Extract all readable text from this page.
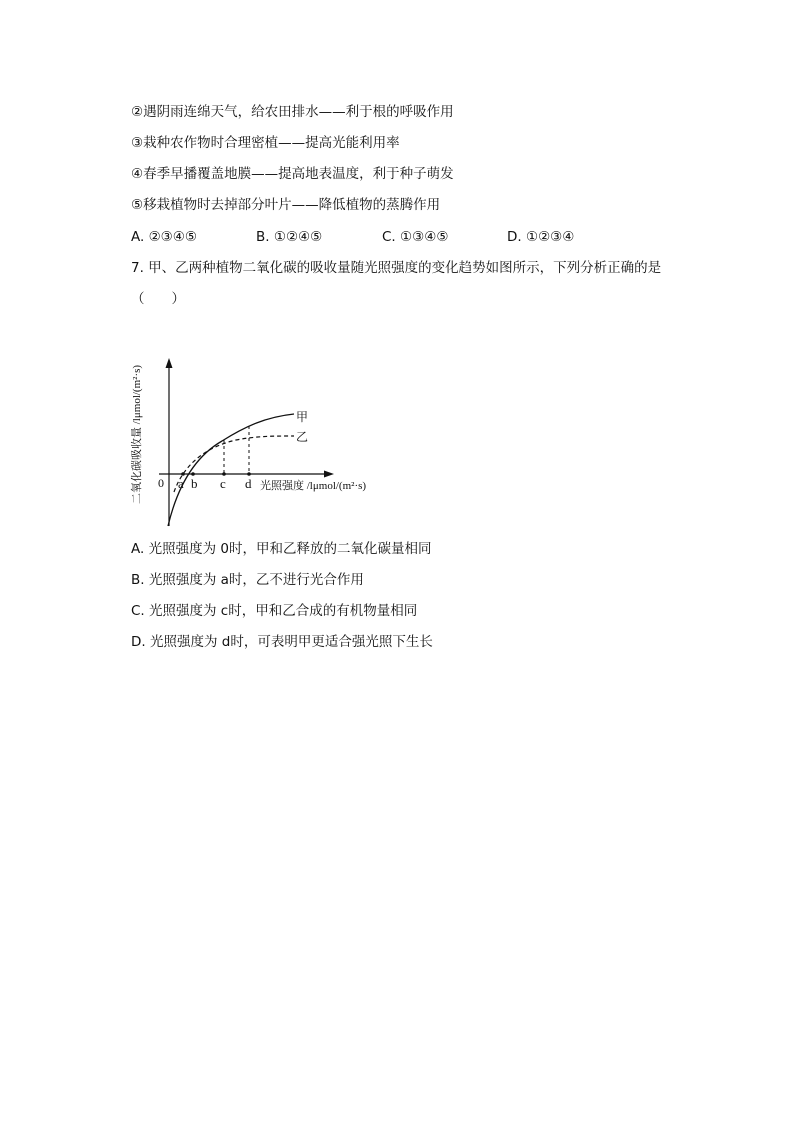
②遇阴雨连绵天气，给农田排水——利于根的呼吸作用
③栽种农作物时合理密植——提高光能利用率
④春季早播覆盖地膜——提高地表温度，利于种子萌发
⑤移栽植物时去掉部分叶片——降低植物的蒸腾作用
A. ②③④⑤	B. ①②④⑤	C. ①③④⑤	D. ①②③④
7. 甲、乙两种植物二氧化碳的吸收量随光照强度的变化趋势如图所示，下列分析正确的是
（　　）
二氧化碳吸收量 /lμmol/(m²·s) 0 a b c d 光照强度 /lμmol/(m²·s)
甲
乙
A. 光照强度为 0时，甲和乙释放的二氧化碳量相同
B. 光照强度为 a时，乙不进行光合作用
C. 光照强度为 c时，甲和乙合成的有机物量相同
D. 光照强度为 d时，可表明甲更适合强光照下生长
